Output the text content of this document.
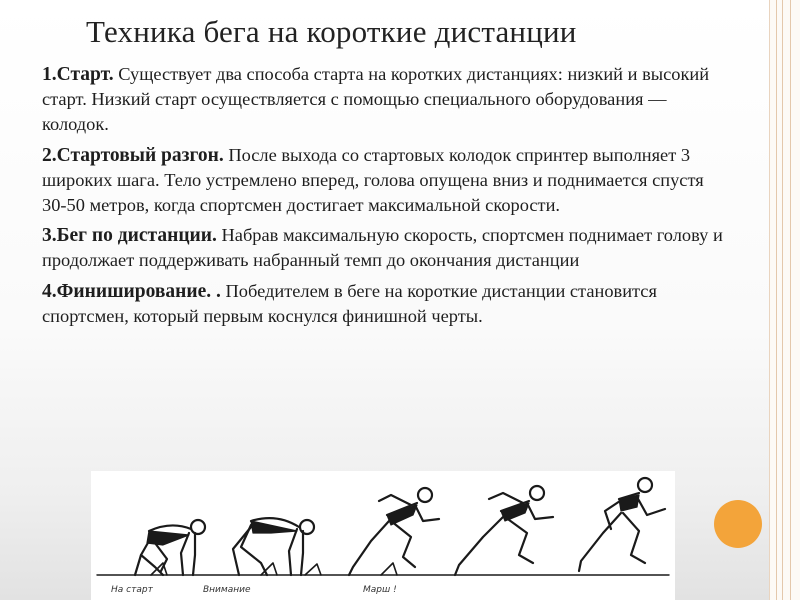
Техника бега на короткие дистанции

1.Старт. Существует два способа старта на коротких дистанциях: низкий и высокий старт. Низкий старт осуществляется с помощью специального оборудования — колодок.

2.Стартовый разгон. После выхода со стартовых колодок спринтер выполняет 3 широких шага. Тело устремлено вперед, голова опущена вниз и поднимается спустя 30-50 метров, когда спортсмен достигает максимальной скорости.

3.Бег по дистанции. Набрав максимальную скорость, спортсмен поднимает голову и продолжает поддерживать набранный темп до окончания дистанции

4.Финиширование. . Победителем в беге на короткие дистанции становится спортсмен, который первым коснулся финишной черты.

На старт	Внимание	Марш !
